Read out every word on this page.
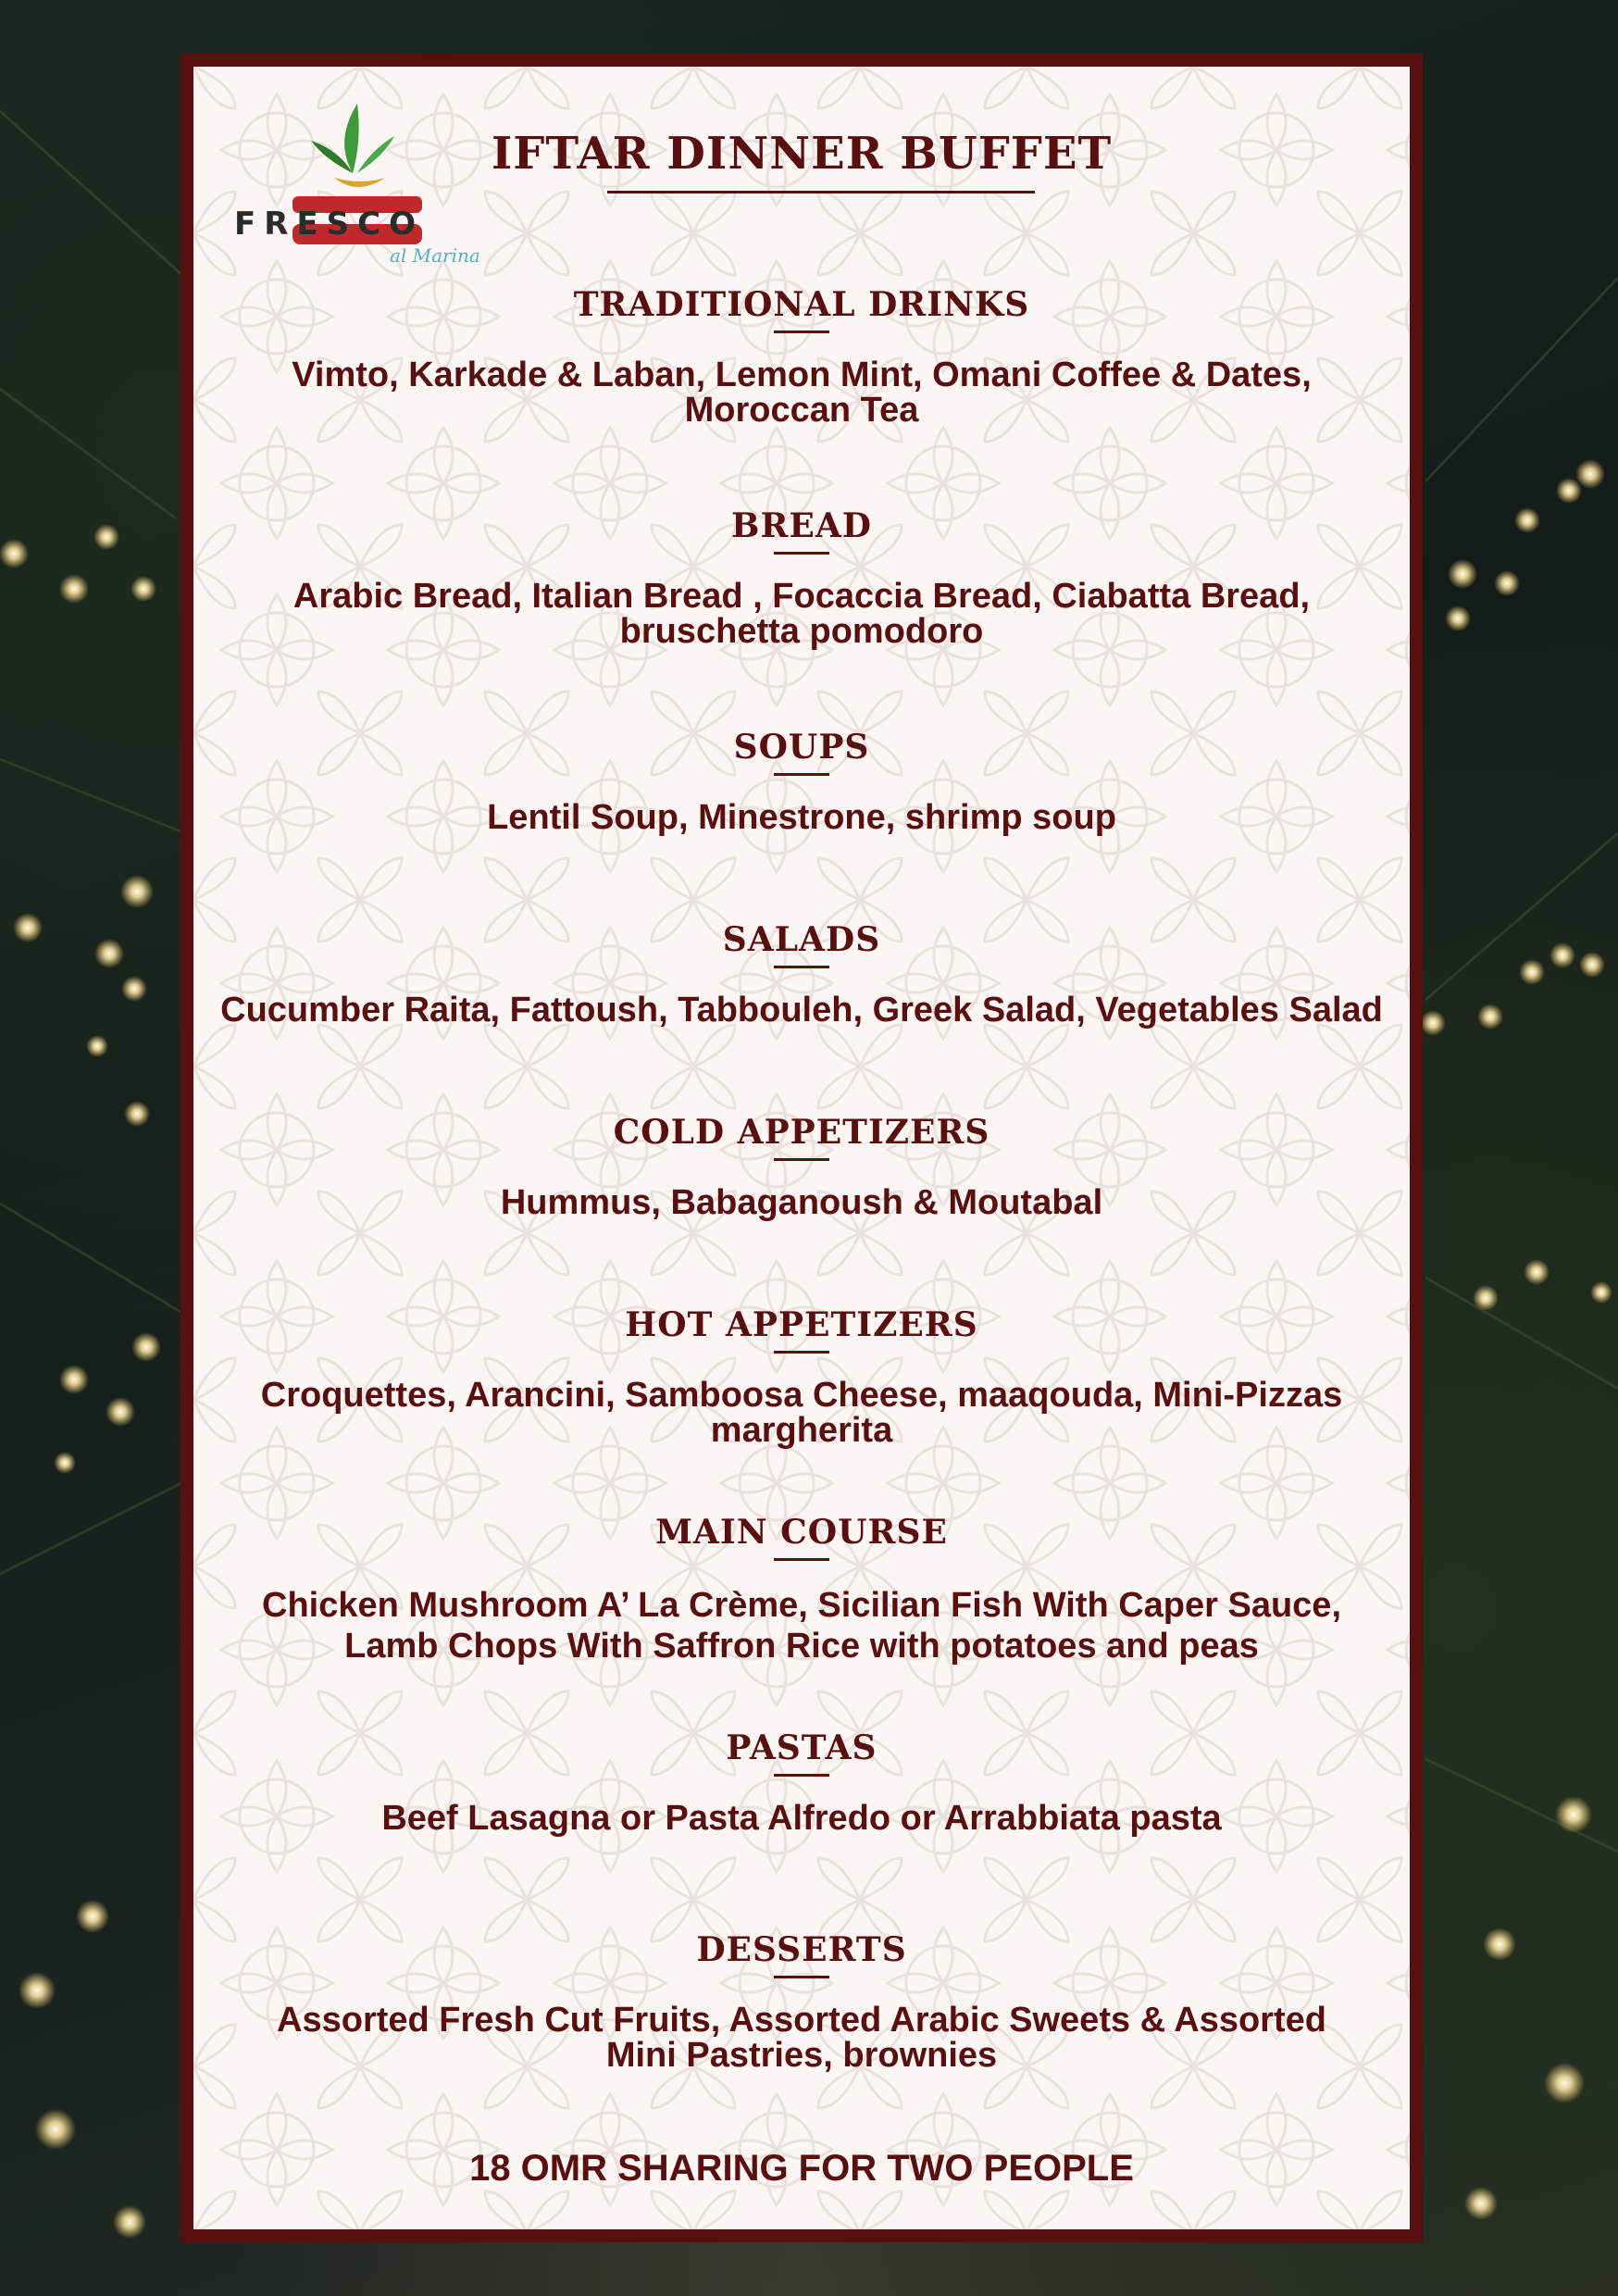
FRESCO
al Marina
IFTAR DINNER BUFFET
TRADITIONAL DRINKS
Vimto, Karkade & Laban, Lemon Mint, Omani Coffee & Dates,
Moroccan Tea
BREAD
Arabic Bread, Italian Bread , Focaccia Bread, Ciabatta Bread,
bruschetta pomodoro
SOUPS
Lentil Soup, Minestrone, shrimp soup
SALADS
Cucumber Raita, Fattoush, Tabbouleh, Greek Salad, Vegetables Salad
COLD APPETIZERS
Hummus, Babaganoush & Moutabal
HOT APPETIZERS
Croquettes, Arancini, Samboosa Cheese, maaqouda, Mini-Pizzas
margherita
MAIN COURSE
Chicken Mushroom A’ La Crème, Sicilian Fish With Caper Sauce,
Lamb Chops With Saffron Rice with potatoes and peas
PASTAS
Beef Lasagna or Pasta Alfredo or Arrabbiata pasta
DESSERTS
Assorted Fresh Cut Fruits, Assorted Arabic Sweets & Assorted
Mini Pastries, brownies
18 OMR SHARING FOR TWO PEOPLE
